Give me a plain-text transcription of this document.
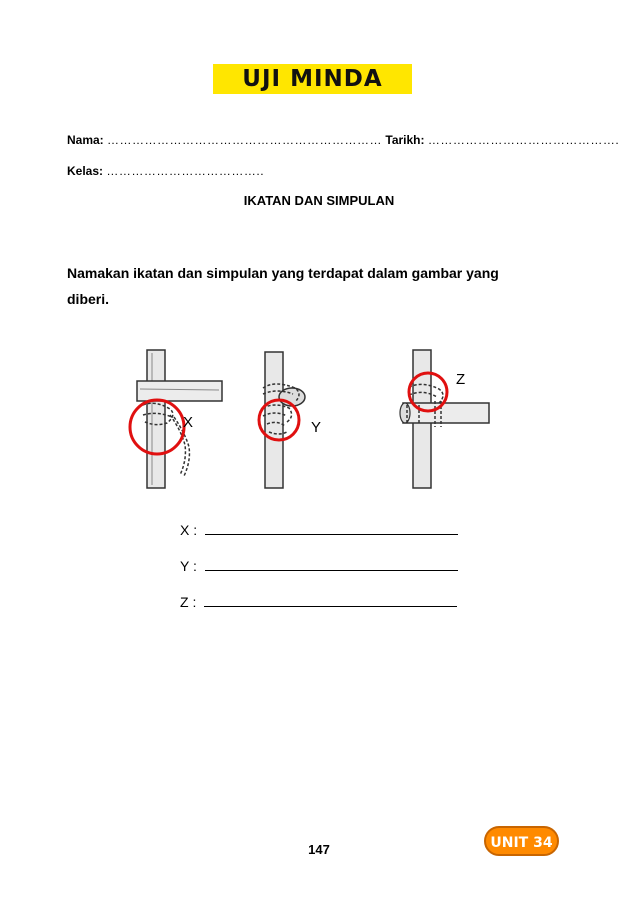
UJI MINDA
Nama: ………………………………………………………… Tarikh: ……………………………………….
Kelas: ………………………………..
IKATAN DAN SIMPULAN
Namakan ikatan dan simpulan yang terdapat dalam gambar yang
diberi.
X	Y
Z
X :
Y :
Z :
147	UNIT 34
